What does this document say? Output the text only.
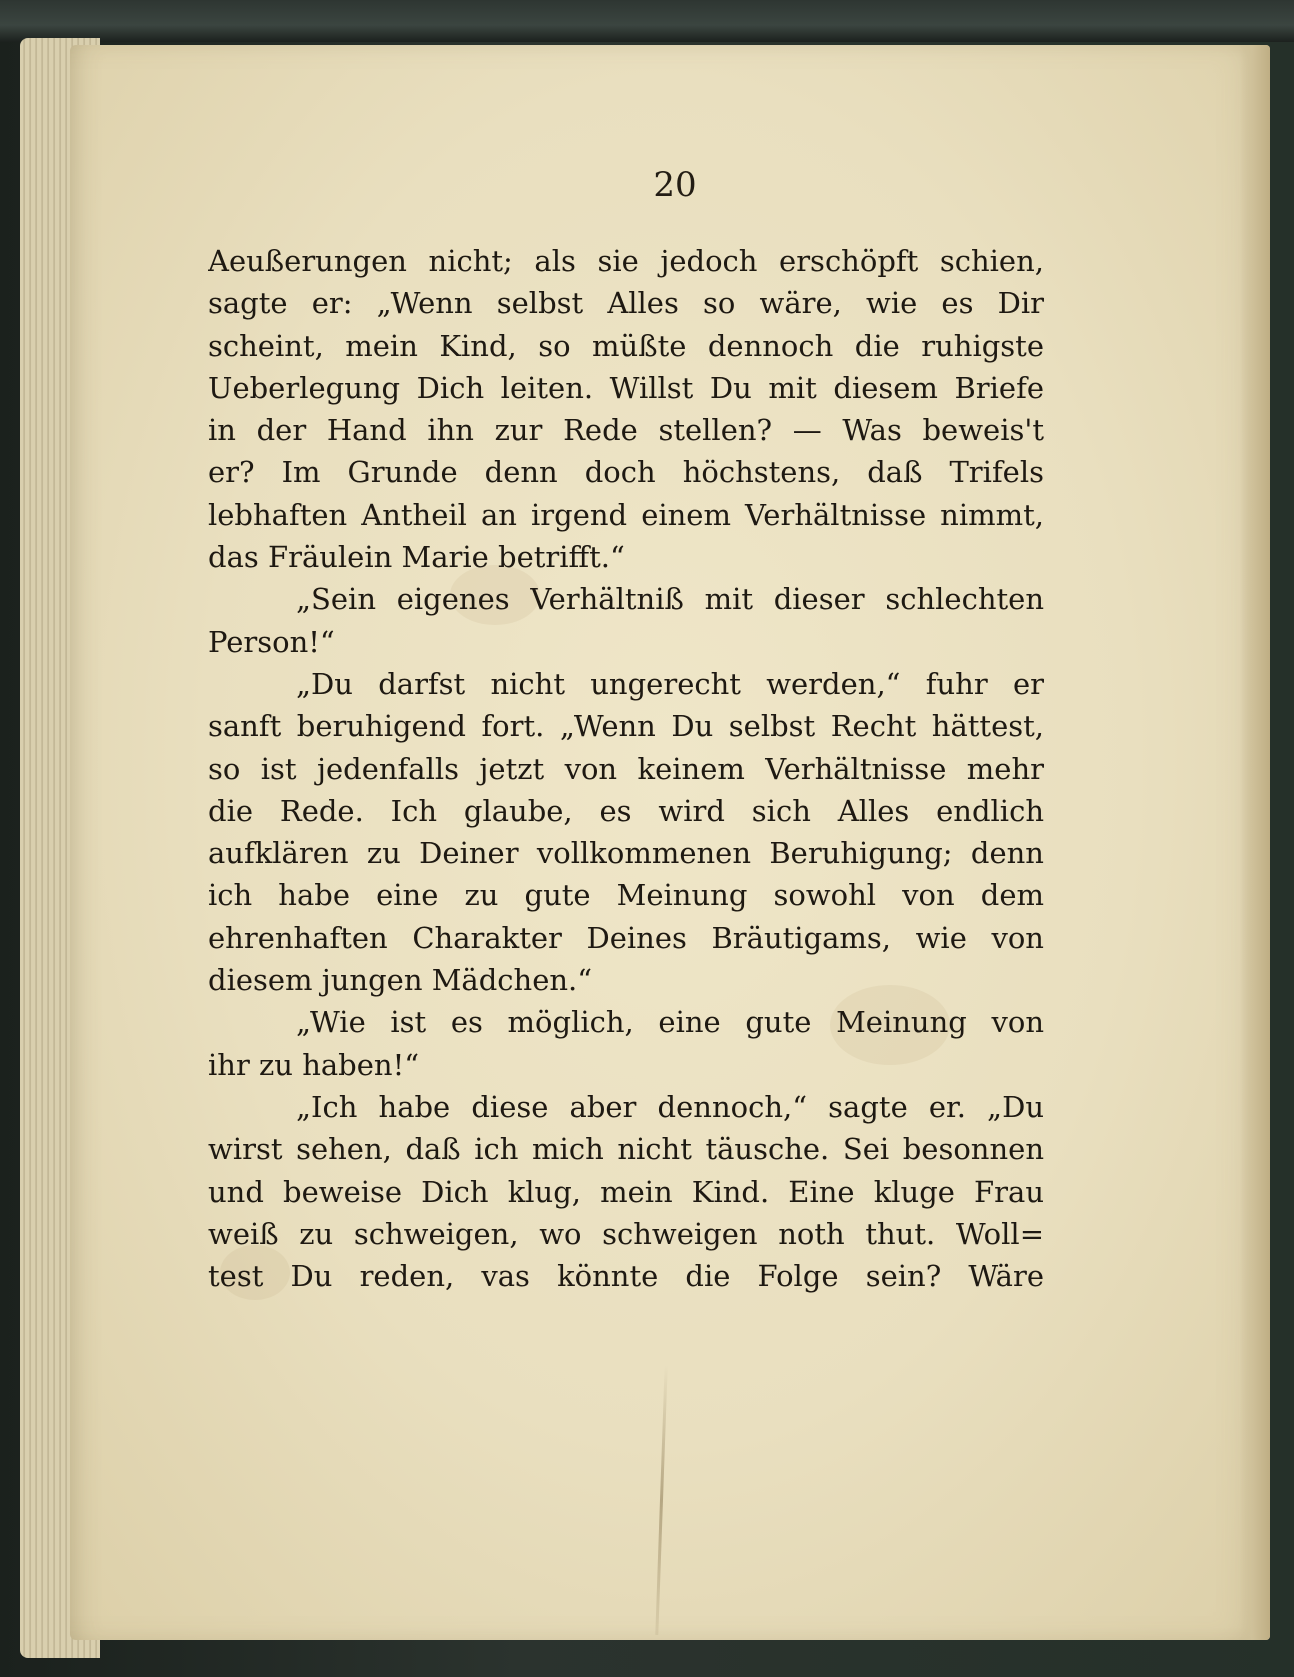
20
Aeußerungen nicht; als sie jedoch erschöpft schien,
sagte er: „Wenn selbst Alles so wäre, wie es Dir
scheint, mein Kind, so müßte dennoch die ruhigste
Ueberlegung Dich leiten. Willst Du mit diesem Briefe
in der Hand ihn zur Rede stellen? — Was beweis't
er? Im Grunde denn doch höchstens, daß Trifels
lebhaften Antheil an irgend einem Verhältnisse nimmt,
das Fräulein Marie betrifft.“
„Sein eigenes Verhältniß mit dieser schlechten
Person!“
„Du darfst nicht ungerecht werden,“ fuhr er
sanft beruhigend fort. „Wenn Du selbst Recht hättest,
so ist jedenfalls jetzt von keinem Verhältnisse mehr
die Rede. Ich glaube, es wird sich Alles endlich
aufklären zu Deiner vollkommenen Beruhigung; denn
ich habe eine zu gute Meinung sowohl von dem
ehrenhaften Charakter Deines Bräutigams, wie von
diesem jungen Mädchen.“
„Wie ist es möglich, eine gute Meinung von
ihr zu haben!“
„Ich habe diese aber dennoch,“ sagte er. „Du
wirst sehen, daß ich mich nicht täusche. Sei besonnen
und beweise Dich klug, mein Kind. Eine kluge Frau
weiß zu schweigen, wo schweigen noth thut. Woll=
test Du reden, vas könnte die Folge sein? Wäre
